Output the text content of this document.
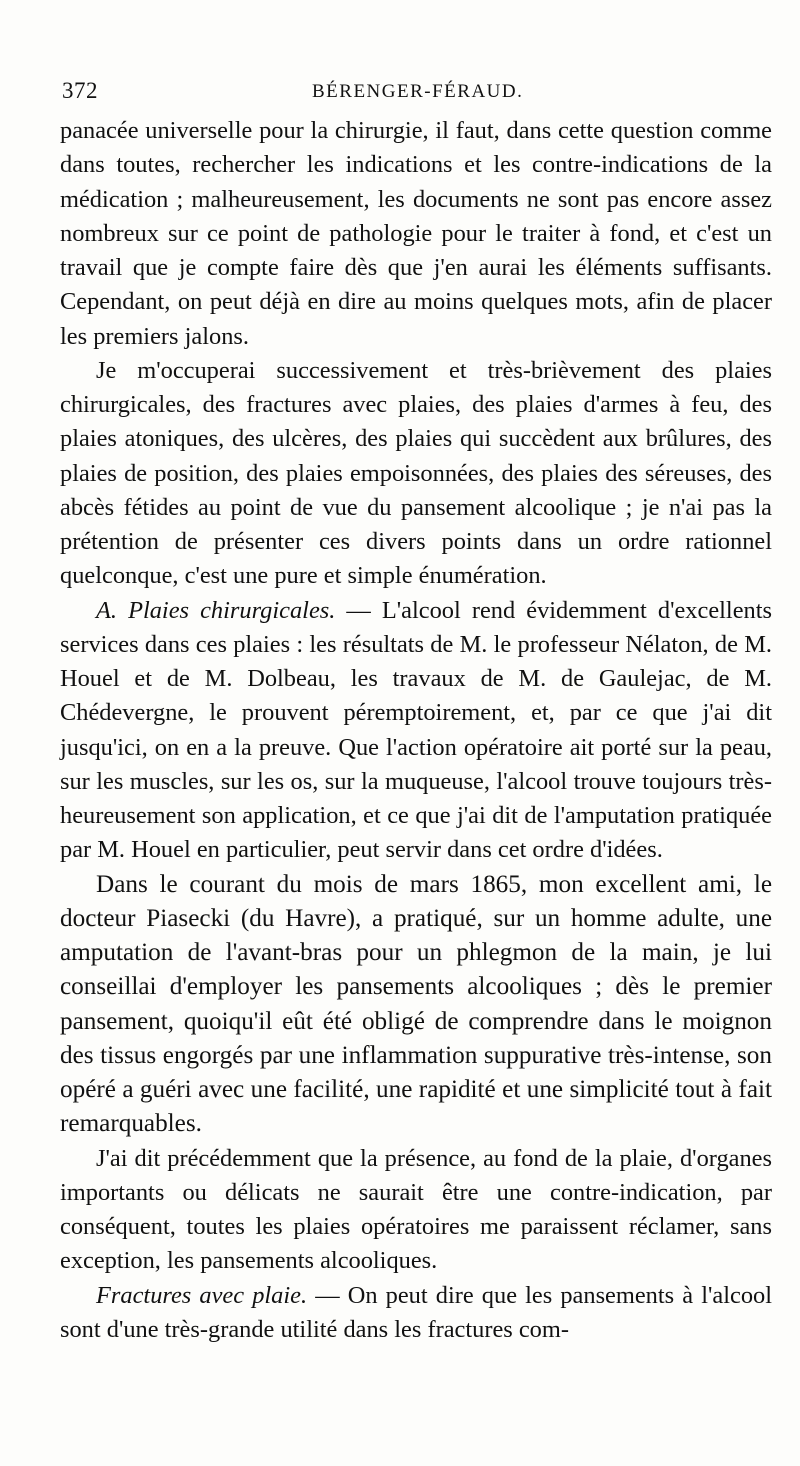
372	BÉRENGER-FÉRAUD.

panacée universelle pour la chirurgie, il faut, dans cette question comme dans toutes, rechercher les indications et les contre-indications de la médication ; malheureusement, les documents ne sont pas encore assez nombreux sur ce point de pathologie pour le traiter à fond, et c'est un travail que je compte faire dès que j'en aurai les éléments suffisants. Cependant, on peut déjà en dire au moins quelques mots, afin de placer les premiers jalons.

Je m'occuperai successivement et très-brièvement des plaies chirurgicales, des fractures avec plaies, des plaies d'armes à feu, des plaies atoniques, des ulcères, des plaies qui succèdent aux brûlures, des plaies de position, des plaies empoisonnées, des plaies des séreuses, des abcès fétides au point de vue du pansement alcoolique ; je n'ai pas la prétention de présenter ces divers points dans un ordre rationnel quelconque, c'est une pure et simple énumération.

A. Plaies chirurgicales. — L'alcool rend évidemment d'excellents services dans ces plaies : les résultats de M. le professeur Nélaton, de M. Houel et de M. Dolbeau, les travaux de M. de Gaulejac, de M. Chédevergne, le prouvent péremptoirement, et, par ce que j'ai dit jusqu'ici, on en a la preuve. Que l'action opératoire ait porté sur la peau, sur les muscles, sur les os, sur la muqueuse, l'alcool trouve toujours très-heureusement son application, et ce que j'ai dit de l'amputation pratiquée par M. Houel en particulier, peut servir dans cet ordre d'idées.

Dans le courant du mois de mars 1865, mon excellent ami, le docteur Piasecki (du Havre), a pratiqué, sur un homme adulte, une amputation de l'avant-bras pour un phlegmon de la main, je lui conseillai d'employer les pansements alcooliques ; dès le premier pansement, quoiqu'il eût été obligé de comprendre dans le moignon des tissus engorgés par une inflammation suppurative très-intense, son opéré a guéri avec une facilité, une rapidité et une simplicité tout à fait remarquables.

J'ai dit précédemment que la présence, au fond de la plaie, d'organes importants ou délicats ne saurait être une contre-indication, par conséquent, toutes les plaies opératoires me paraissent réclamer, sans exception, les pansements alcooliques.

Fractures avec plaie. — On peut dire que les pansements à l'alcool sont d'une très-grande utilité dans les fractures com-
